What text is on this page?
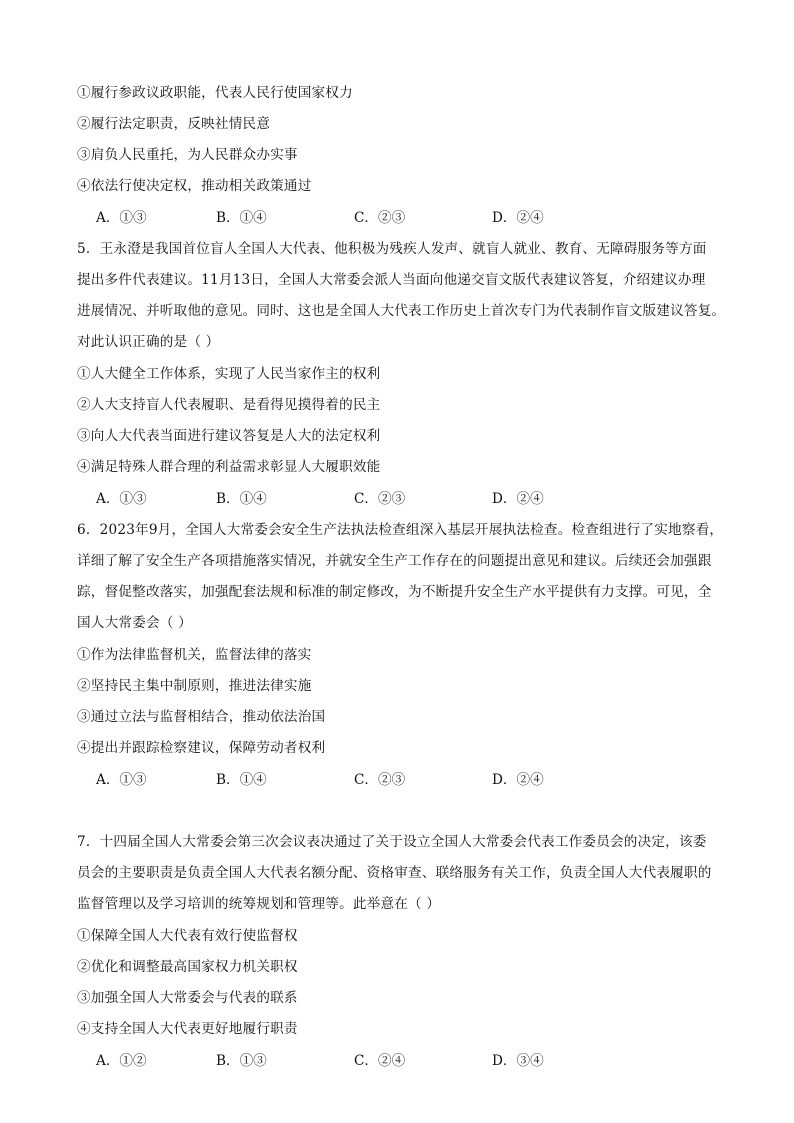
①履行参政议政职能，代表人民行使国家权力
②履行法定职责，反映社情民意
③肩负人民重托，为人民群众办实事
④依法行使决定权，推动相关政策通过
A．①③	B．①④	C．②③	D．②④
5．王永澄是我国首位盲人全国人大代表、他积极为残疾人发声、就盲人就业、教育、无障碍服务等方面
提出多件代表建议。11月13日，全国人大常委会派人当面向他递交盲文版代表建议答复，介绍建议办理
进展情况、并听取他的意见。同时、这也是全国人大代表工作历史上首次专门为代表制作盲文版建议答复。
对此认识正确的是（ ）
①人大健全工作体系，实现了人民当家作主的权利
②人大支持盲人代表履职、是看得见摸得着的民主
③向人大代表当面进行建议答复是人大的法定权利
④满足特殊人群合理的利益需求彰显人大履职效能
A．①③	B．①④	C．②③	D．②④
6．2023年9月，全国人大常委会安全生产法执法检查组深入基层开展执法检查。检查组进行了实地察看，
详细了解了安全生产各项措施落实情况，并就安全生产工作存在的问题提出意见和建议。后续还会加强跟
踪，督促整改落实，加强配套法规和标准的制定修改，为不断提升安全生产水平提供有力支撑。可见，全
国人大常委会（ ）
①作为法律监督机关，监督法律的落实
②坚持民主集中制原则，推进法律实施
③通过立法与监督相结合，推动依法治国
④提出并跟踪检察建议，保障劳动者权利
A．①③	B．①④	C．②③	D．②④
7．十四届全国人大常委会第三次会议表决通过了关于设立全国人大常委会代表工作委员会的决定，该委
员会的主要职责是负责全国人大代表名额分配、资格审查、联络服务有关工作，负责全国人大代表履职的
监督管理以及学习培训的统筹规划和管理等。此举意在（ ）
①保障全国人大代表有效行使监督权
②优化和调整最高国家权力机关职权
③加强全国人大常委会与代表的联系
④支持全国人大代表更好地履行职责
A．①②	B．①③	C．②④	D．③④
